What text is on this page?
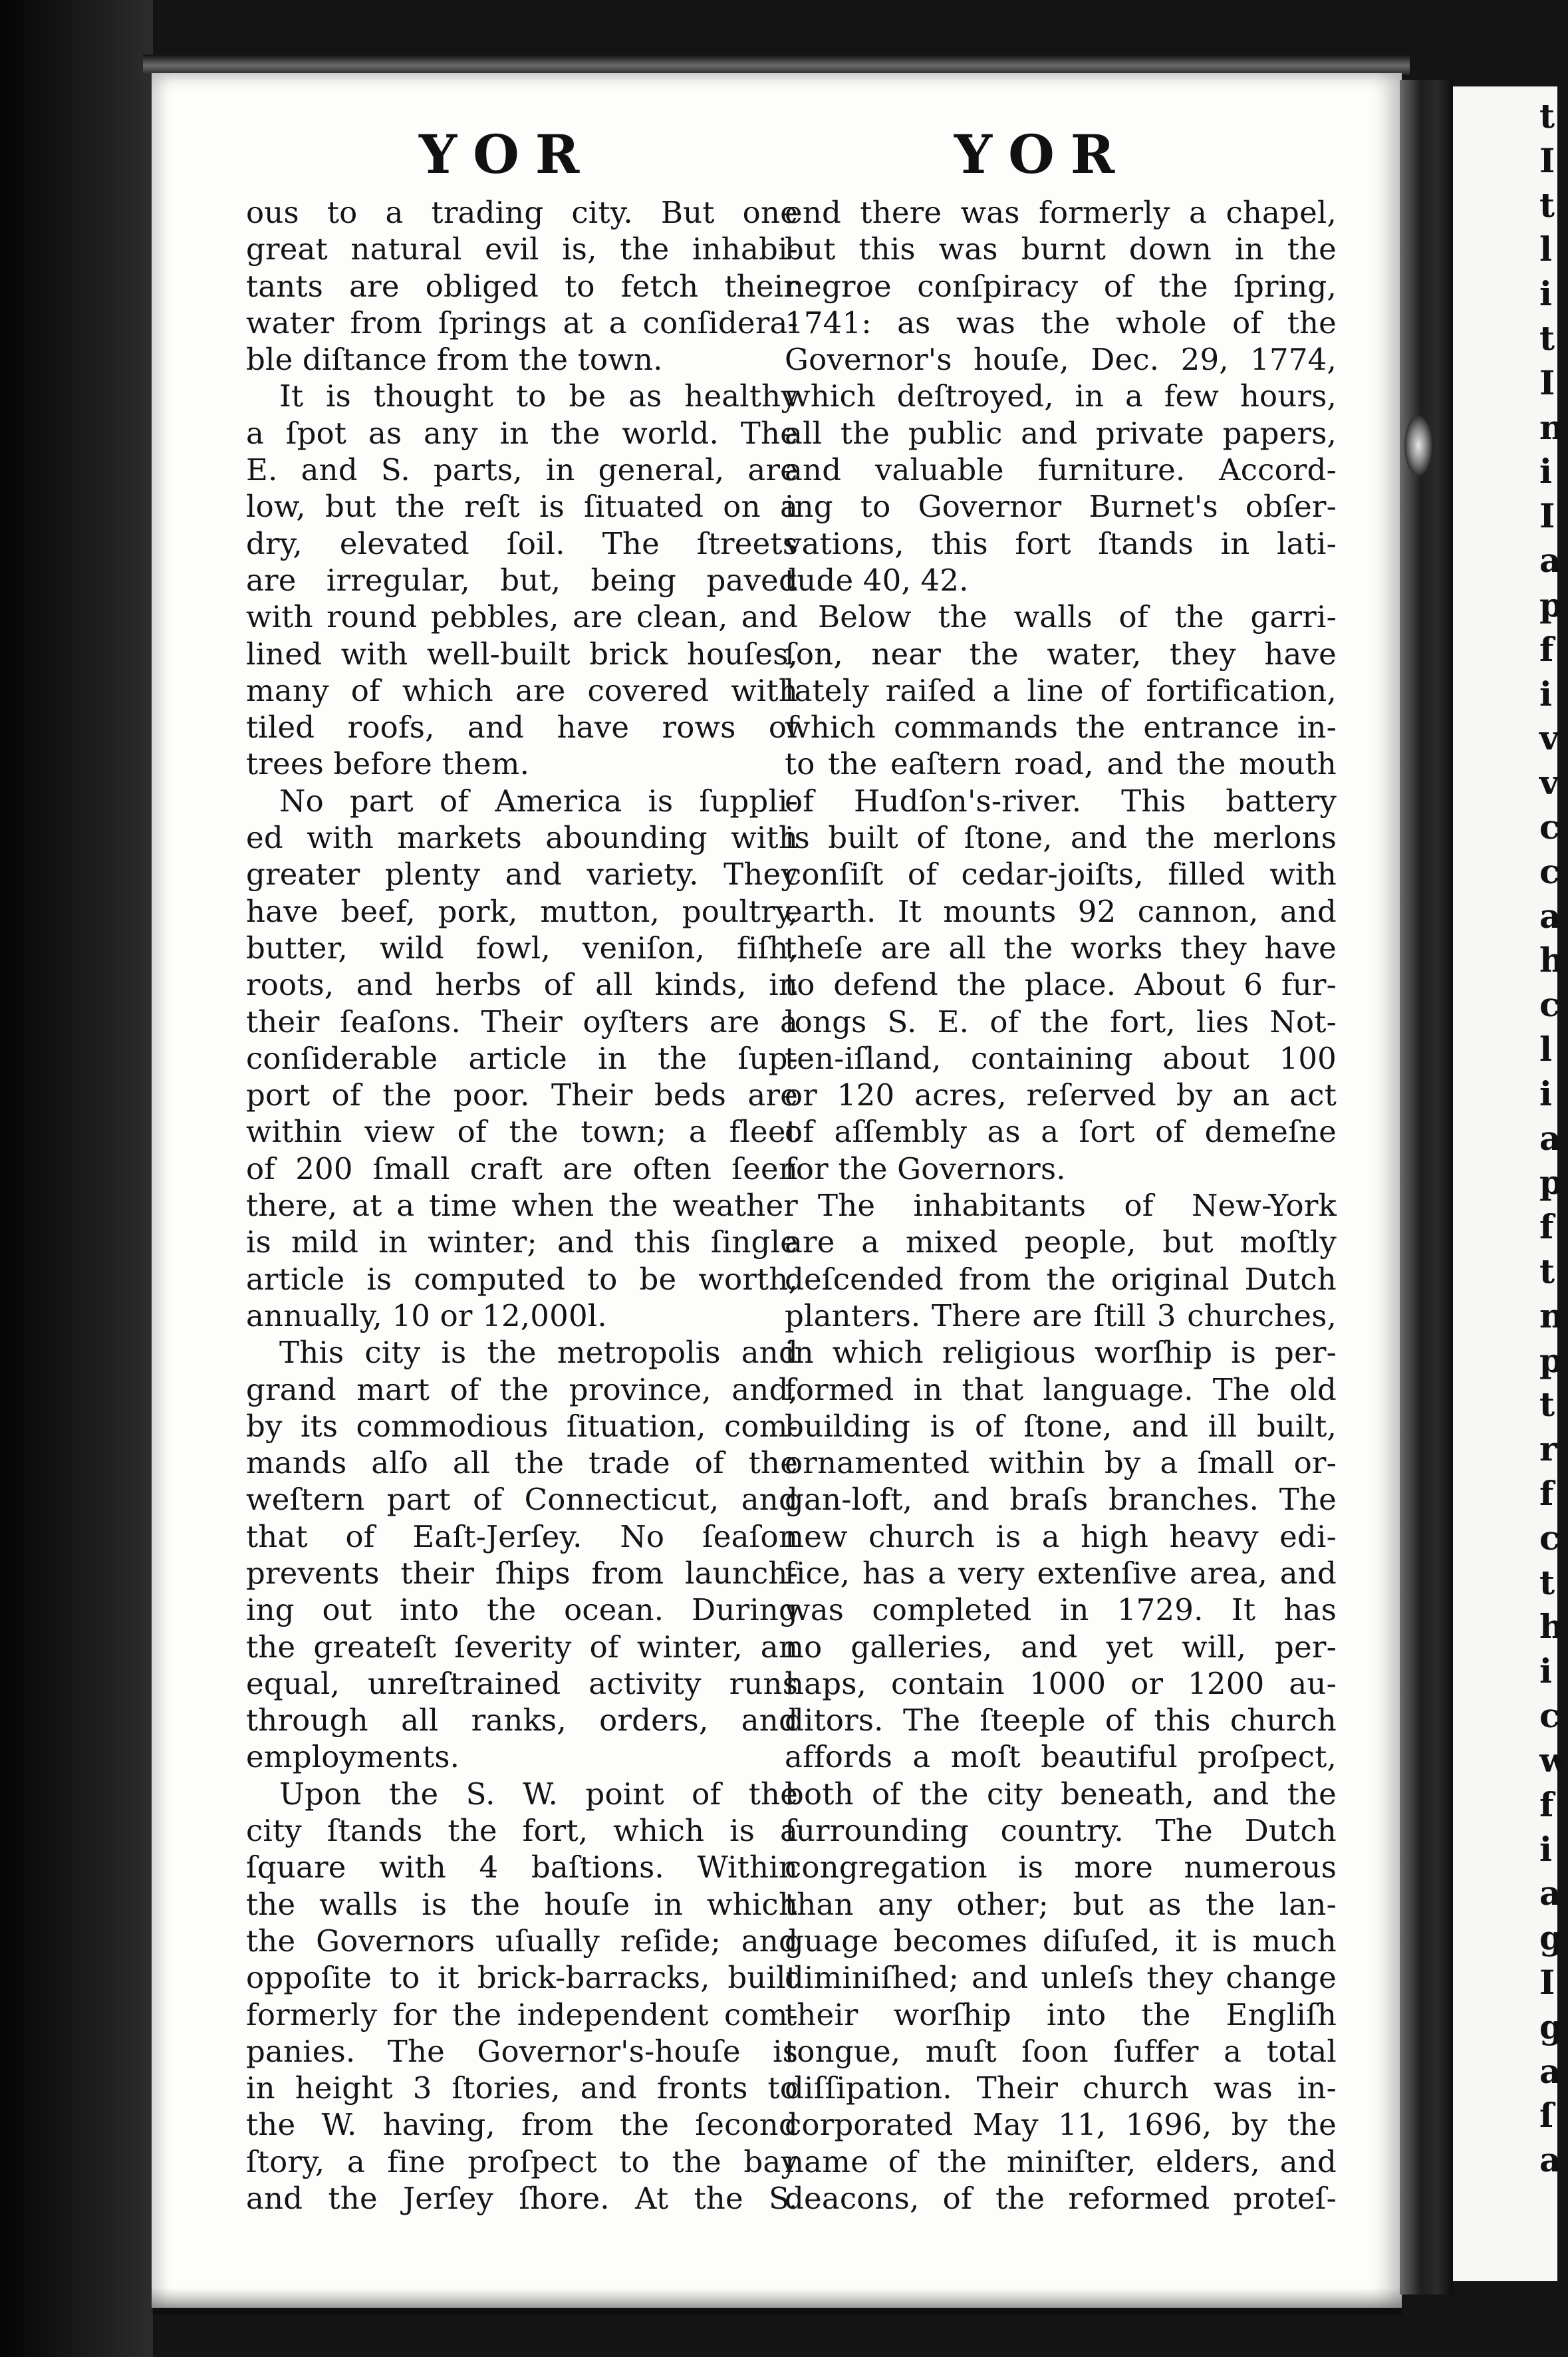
YOR	YOR
ous to a trading city. But one
great natural evil is, the inhabi-
tants are obliged to fetch their
water from ſprings at a conſidera-
ble diſtance from the town.
It is thought to be as healthy
a ſpot as any in the world. The
E. and S. parts, in general, are
low, but the reſt is ſituated on a
dry, elevated ſoil. The ſtreets
are irregular, but, being paved
with round pebbles, are clean, and
lined with well-built brick houſes,
many of which are covered with
tiled roofs, and have rows of
trees before them.
No part of America is ſuppli-
ed with markets abounding with
greater plenty and variety. They
have beef, pork, mutton, poultry,
butter, wild fowl, veniſon, fiſh,
roots, and herbs of all kinds, in
their ſeaſons. Their oyſters are a
conſiderable article in the ſup-
port of the poor. Their beds are
within view of the town; a fleet
of 200 ſmall craft are often ſeen
there, at a time when the weather
is mild in winter; and this ſingle
article is computed to be worth,
annually, 10 or 12,000l.
This city is the metropolis and
grand mart of the province, and,
by its commodious ſituation, com-
mands alſo all the trade of the
weſtern part of Connecticut, and
that of Eaſt-Jerſey. No ſeaſon
prevents their ſhips from launch-
ing out into the ocean. During
the greateſt ſeverity of winter, an
equal, unreſtrained activity runs
through all ranks, orders, and
employments.
Upon the S. W. point of the
city ſtands the fort, which is a
ſquare with 4 baſtions. Within
the walls is the houſe in which
the Governors uſually reſide; and
oppoſite to it brick-barracks, built
formerly for the independent com-
panies. The Governor's-houſe is
in height 3 ſtories, and fronts to
the W. having, from the ſecond
ſtory, a fine proſpect to the bay
and the Jerſey ſhore. At the S.
end there was formerly a chapel,
but this was burnt down in the
negroe conſpiracy of the ſpring,
1741: as was the whole of the
Governor's houſe, Dec. 29, 1774,
which deſtroyed, in a few hours,
all the public and private papers,
and valuable furniture. Accord-
ing to Governor Burnet's obſer-
vations, this fort ſtands in lati-
tude 40, 42.
Below the walls of the garri-
ſon, near the water, they have
lately raiſed a line of fortification,
which commands the entrance in-
to the eaſtern road, and the mouth
of Hudſon's-river. This battery
is built of ſtone, and the merlons
conſiſt of cedar-joiſts, filled with
earth. It mounts 92 cannon, and
theſe are all the works they have
to defend the place. About 6 fur-
longs S. E. of the fort, lies Not-
ten-iſland, containing about 100
or 120 acres, reſerved by an act
of aſſembly as a ſort of demeſne
for the Governors.
The inhabitants of New-York
are a mixed people, but moſtly
deſcended from the original Dutch
planters. There are ſtill 3 churches,
in which religious worſhip is per-
formed in that language. The old
building is of ſtone, and ill built,
ornamented within by a ſmall or-
gan-loft, and braſs branches. The
new church is a high heavy edi-
fice, has a very extenſive area, and
was completed in 1729. It has
no galleries, and yet will, per-
haps, contain 1000 or 1200 au-
ditors. The ſteeple of this church
affords a moſt beautiful proſpect,
both of the city beneath, and the
ſurrounding country. The Dutch
congregation is more numerous
than any other; but as the lan-
guage becomes diſuſed, it is much
diminiſhed; and unleſs they change
their worſhip into the Engliſh
tongue, muſt ſoon ſuffer a total
diſſipation. Their church was in-
corporated May 11, 1696, by the
name of the miniſter, elders, and
deacons, of the reformed proteſ-
t
I
t
l
i
t
I
n
i
I
a
p
f
i
v
v
c
c
a
h
c
l
i
a
p
f
t
n
p
t
r
f
c
t
h
i
c
w
f
i
a
g
I
g
a
ſ
a
